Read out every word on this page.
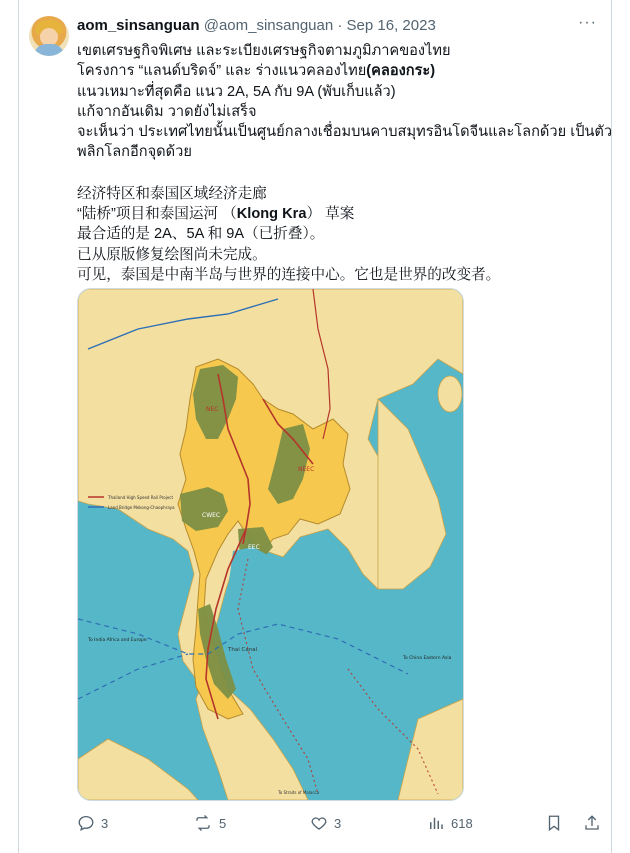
aom_sinsanguan @aom_sinsanguan · Sep 16, 2023	···
เขตเศรษฐกิจพิเศษ และระเบียงเศรษฐกิจตามภูมิภาคของไทย
โครงการ “แลนด์บริดจ์” และ ร่างแนวคลองไทย(คลองกระ)
แนวเหมาะที่สุดคือ แนว 2A, 5A กับ 9A (พับเก็บแล้ว)
แก้จากอันเดิม วาดยังไม่เสร็จ
จะเห็นว่า ประเทศไทยนั้นเป็นศูนย์กลางเชื่อมบนคาบสมุทรอินโดจีนและโลกด้วย เป็นตัว
พลิกโลกอีกจุดด้วย
经济特区和泰国区域经济走廊
“陆桥”项目和泰国运河 （Klong Kra） 草案
最合适的是 2A、5A 和 9A（已折叠）。
已从原版修复绘图尚未完成。
可见，泰国是中南半岛与世界的连接中心。它也是世界的改变者。
NEC
NEEC
CWEC
EEC
Thai Canal
To India Africa and Europe
To China Eastern Asia
To Straits of Malacca
Thailand High Speed Rail Project
Land Bridge Mekong-Chaophraya
3	5	3	618
